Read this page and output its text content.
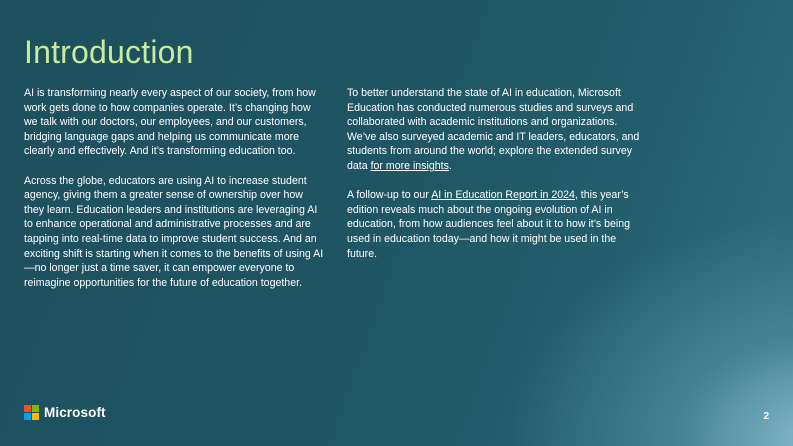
Introduction

AI is transforming nearly every aspect of our society, from how work gets done to how companies operate. It’s changing how we talk with our doctors, our employees, and our customers, bridging language gaps and helping us communicate more clearly and effectively. And it’s transforming education too.

Across the globe, educators are using AI to increase student agency, giving them a greater sense of ownership over how they learn. Education leaders and institutions are leveraging AI to enhance operational and administrative processes and are tapping into real-time data to improve student success. And an exciting shift is starting when it comes to the benefits of using AI—no longer just a time saver, it can empower everyone to reimagine opportunities for the future of education together.

To better understand the state of AI in education, Microsoft Education has conducted numerous studies and surveys and collaborated with academic institutions and organizations. We’ve also surveyed academic and IT leaders, educators, and students from around the world; explore the extended survey data for more insights.

A follow-up to our AI in Education Report in 2024, this year’s edition reveals much about the ongoing evolution of AI in education, from how audiences feel about it to how it’s being used in education today—and how it might be used in the future.

Microsoft	2
